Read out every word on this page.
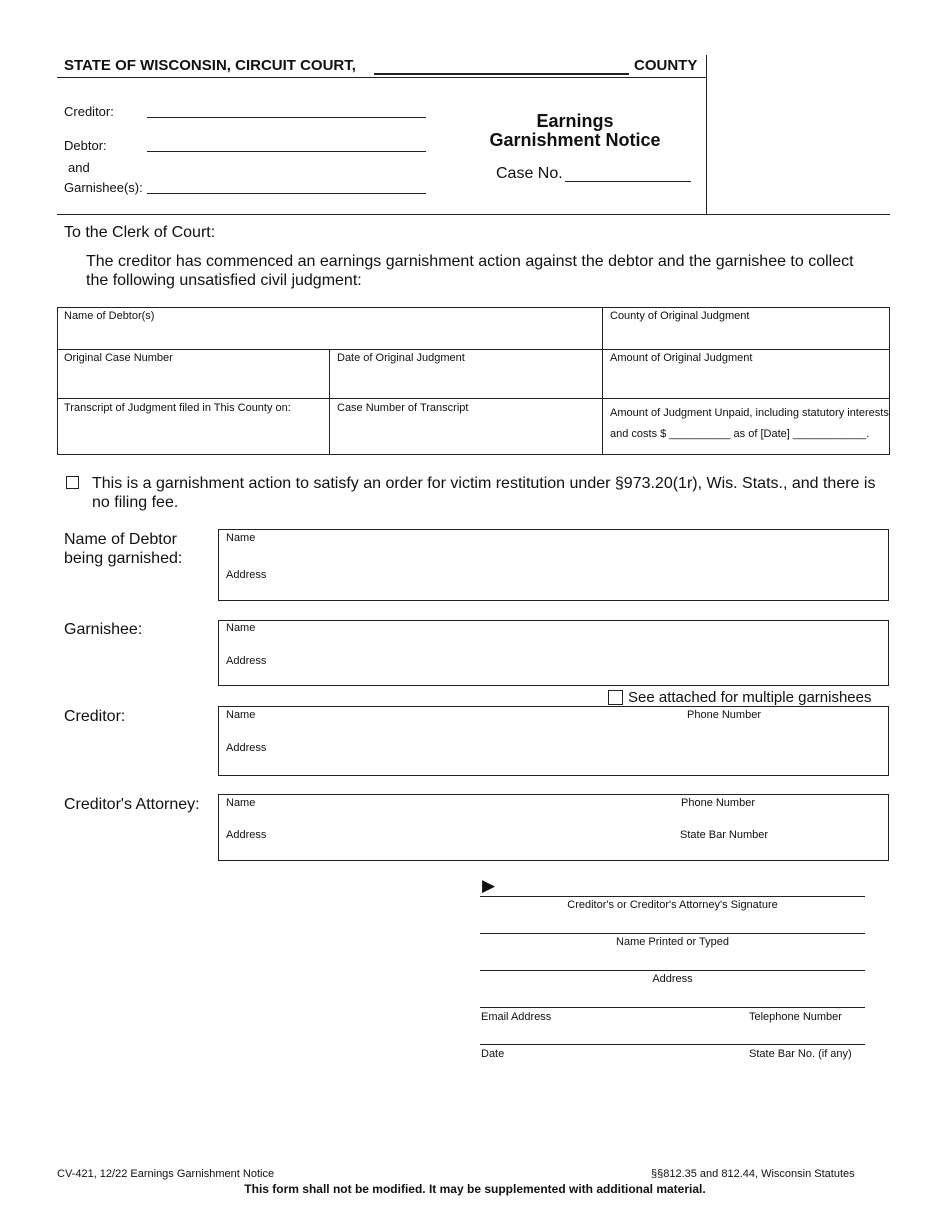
STATE OF WISCONSIN, CIRCUIT COURT,	COUNTY
Creditor:
Debtor:
and
Garnishee(s):
Earnings
Garnishment Notice
Case No.
To the Clerk of Court:
The creditor has commenced an earnings garnishment action against the debtor and the garnishee to collect the following unsatisfied civil judgment:
Name of Debtor(s)	County of Original Judgment
Original Case Number	Date of Original Judgment	Amount of Original Judgment
Transcript of Judgment filed in This County on:	Case Number of Transcript	Amount of Judgment Unpaid, including statutory interests
and costs $ __________ as of [Date] ____________.
This is a garnishment action to satisfy an order for victim restitution under §973.20(1r), Wis. Stats., and there is no filing fee.
Name of Debtor being garnished:
Name
Address
Garnishee:	Name
Address
See attached for multiple garnishees
Creditor:	Name	Phone Number
Address
Creditor's Attorney: Name	Phone Number
Address	State Bar Number
▶
Creditor's or Creditor's Attorney's Signature
Name Printed or Typed
Address
Email Address	Telephone Number
Date	State Bar No. (if any)
CV-421, 12/22 Earnings Garnishment Notice	§§812.35 and 812.44, Wisconsin Statutes
This form shall not be modified. It may be supplemented with additional material.
